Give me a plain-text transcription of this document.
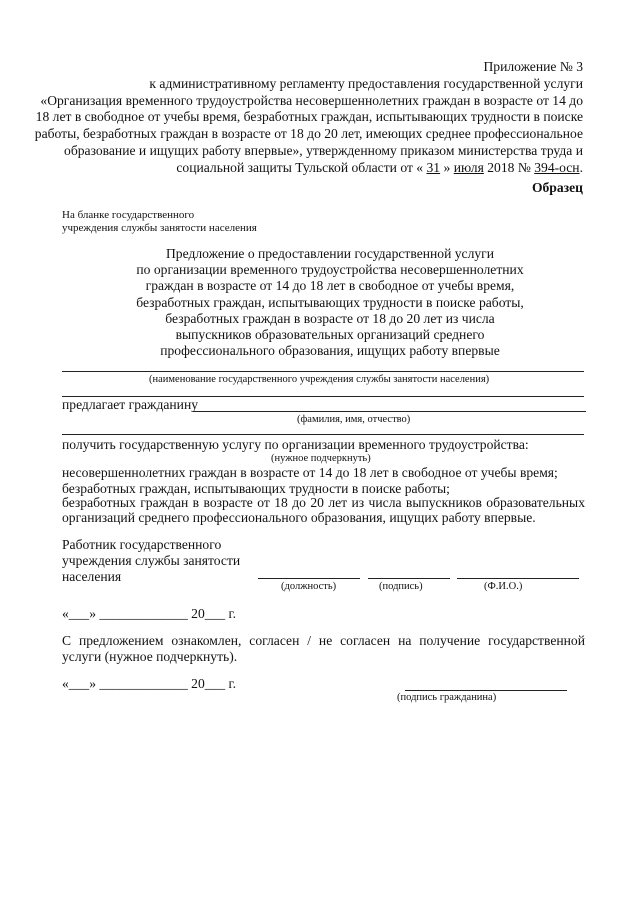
Приложение № 3
к административному регламенту предоставления государственной услуги
«Организация временного трудоустройства несовершеннолетних граждан в возрасте от 14 до
18 лет в свободное от учебы время, безработных граждан, испытывающих трудности в поиске
работы, безработных граждан в возрасте от 18 до 20 лет, имеющих среднее профессиональное
образование и ищущих работу впервые», утвержденному приказом министерства труда и
социальной защиты Тульской области от « 31 » июля 2018 № 394-осн.
Образец
На бланке государственного
учреждения службы занятости населения
Предложение о предоставлении государственной услуги
по организации временного трудоустройства несовершеннолетних
граждан в возрасте от 14 до 18 лет в свободное от учебы время,
безработных граждан, испытывающих трудности в поиске работы,
безработных граждан в возрасте от 18 до 20 лет из числа
выпускников образовательных организаций среднего
профессионального образования, ищущих работу впервые
(наименование государственного учреждения службы занятости населения)
предлагает гражданину
(фамилия, имя, отчество)
получить государственную услугу по организации временного трудоустройства:
(нужное подчеркнуть)
несовершеннолетних граждан в возрасте от 14 до 18 лет в свободное от учебы время;
безработных граждан, испытывающих трудности в поиске работы;
безработных граждан в возрасте от 18 до 20 лет из числа выпускников образовательных
организаций среднего профессионального образования, ищущих работу впервые.
Работник государственного
учреждения службы занятости
населения
(должность)	(подпись)	(Ф.И.О.)
«___» _____________ 20___ г.
С предложением ознакомлен, согласен / не согласен на получение государственной
услуги (нужное подчеркнуть).
«___» _____________ 20___ г.
(подпись гражданина)
